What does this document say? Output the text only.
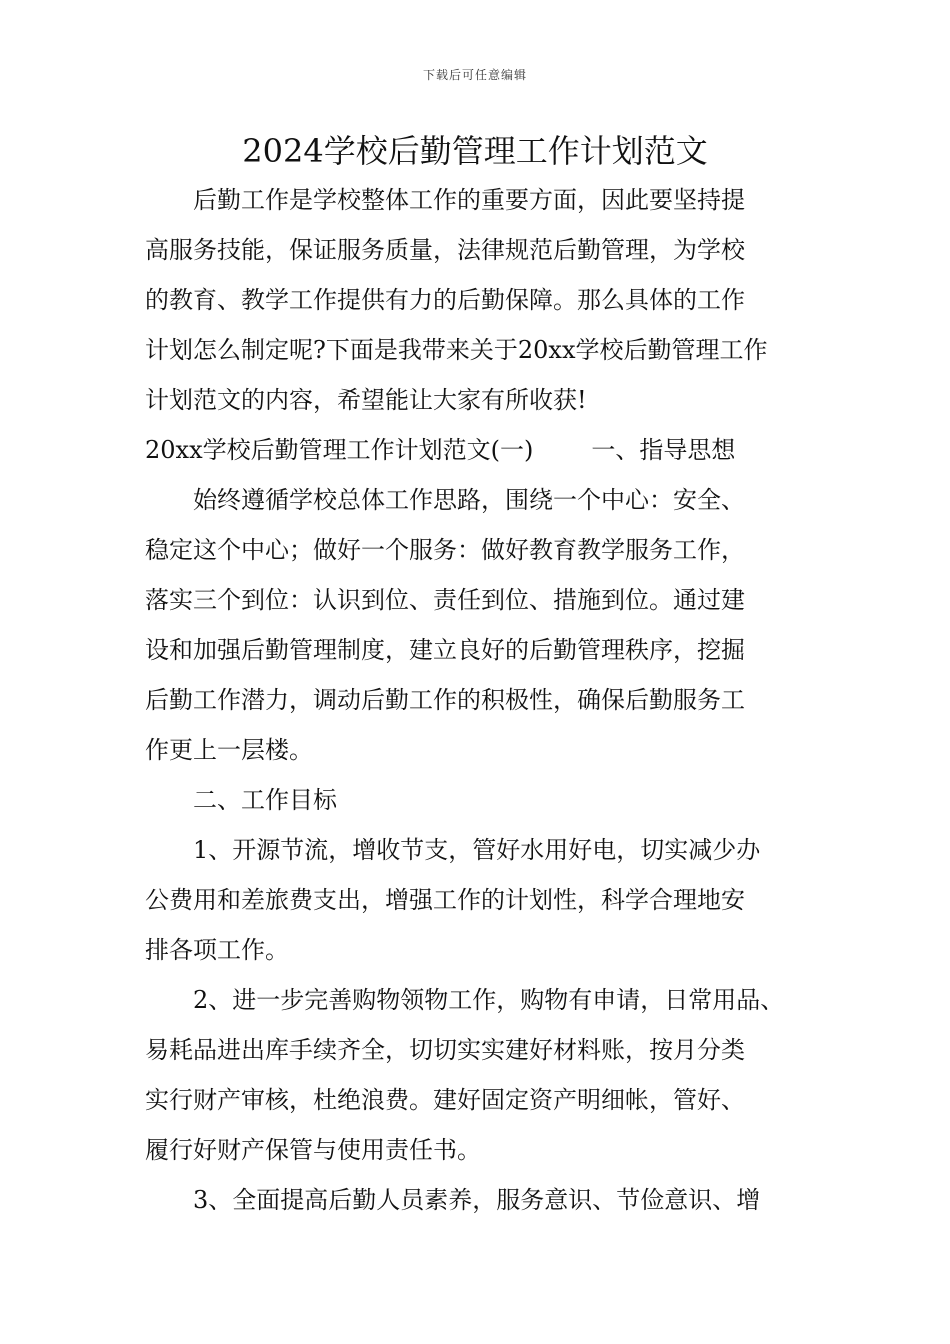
下载后可任意编辑
2024学校后勤管理工作计划范文

后勤工作是学校整体工作的重要方面，因此要坚持提
高服务技能，保证服务质量，法律规范后勤管理，为学校
的教育、教学工作提供有力的后勤保障。那么具体的工作
计划怎么制定呢?下面是我带来关于20xx学校后勤管理工作
计划范文的内容，希望能让大家有所收获!

20xx学校后勤管理工作计划范文(一) 一、指导思想

始终遵循学校总体工作思路，围绕一个中心：安全、
稳定这个中心；做好一个服务：做好教育教学服务工作，
落实三个到位：认识到位、责任到位、措施到位。通过建
设和加强后勤管理制度，建立良好的后勤管理秩序，挖掘
后勤工作潜力，调动后勤工作的积极性，确保后勤服务工
作更上一层楼。

二、工作目标

1、开源节流，增收节支，管好水用好电，切实减少办
公费用和差旅费支出，增强工作的计划性，科学合理地安
排各项工作。

2、进一步完善购物领物工作，购物有申请，日常用品、
易耗品进出库手续齐全，切切实实建好材料账，按月分类
实行财产审核，杜绝浪费。建好固定资产明细帐，管好、
履行好财产保管与使用责任书。

3、全面提高后勤人员素养，服务意识、节俭意识、增
